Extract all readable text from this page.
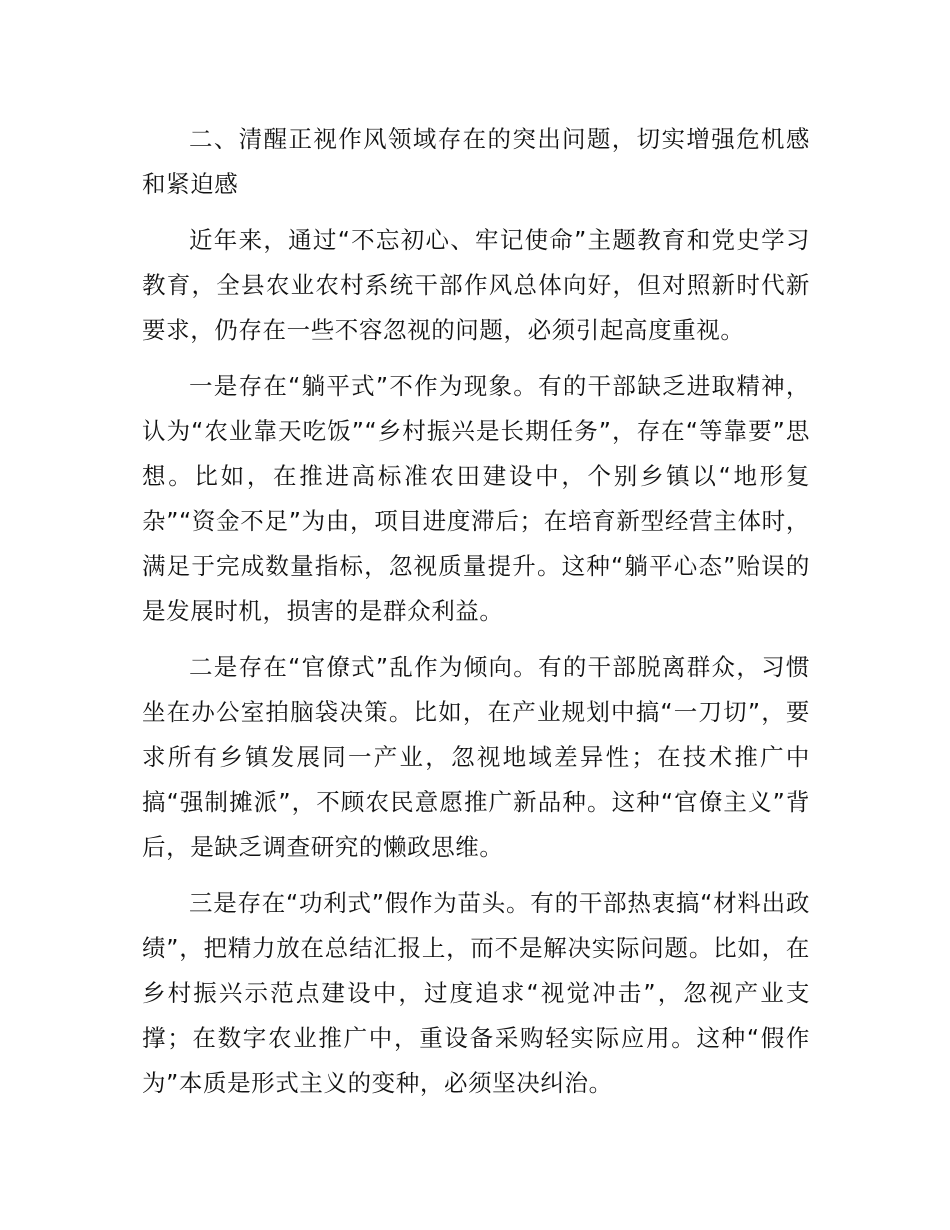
二、清醒正视作风领域存在的突出问题，切实增强危机感和紧迫感

近年来，通过“不忘初心、牢记使命”主题教育和党史学习教育，全县农业农村系统干部作风总体向好，但对照新时代新要求，仍存在一些不容忽视的问题，必须引起高度重视。

一是存在“躺平式”不作为现象。有的干部缺乏进取精神，认为“农业靠天吃饭”“乡村振兴是长期任务”，存在“等靠要”思想。比如，在推进高标准农田建设中，个别乡镇以“地形复杂”“资金不足”为由，项目进度滞后；在培育新型经营主体时，满足于完成数量指标，忽视质量提升。这种“躺平心态”贻误的是发展时机，损害的是群众利益。

二是存在“官僚式”乱作为倾向。有的干部脱离群众，习惯坐在办公室拍脑袋决策。比如，在产业规划中搞“一刀切”，要求所有乡镇发展同一产业，忽视地域差异性；在技术推广中搞“强制摊派”，不顾农民意愿推广新品种。这种“官僚主义”背后，是缺乏调查研究的懒政思维。

三是存在“功利式”假作为苗头。有的干部热衷搞“材料出政绩”，把精力放在总结汇报上，而不是解决实际问题。比如，在乡村振兴示范点建设中，过度追求“视觉冲击”，忽视产业支撑；在数字农业推广中，重设备采购轻实际应用。这种“假作为”本质是形式主义的变种，必须坚决纠治。
